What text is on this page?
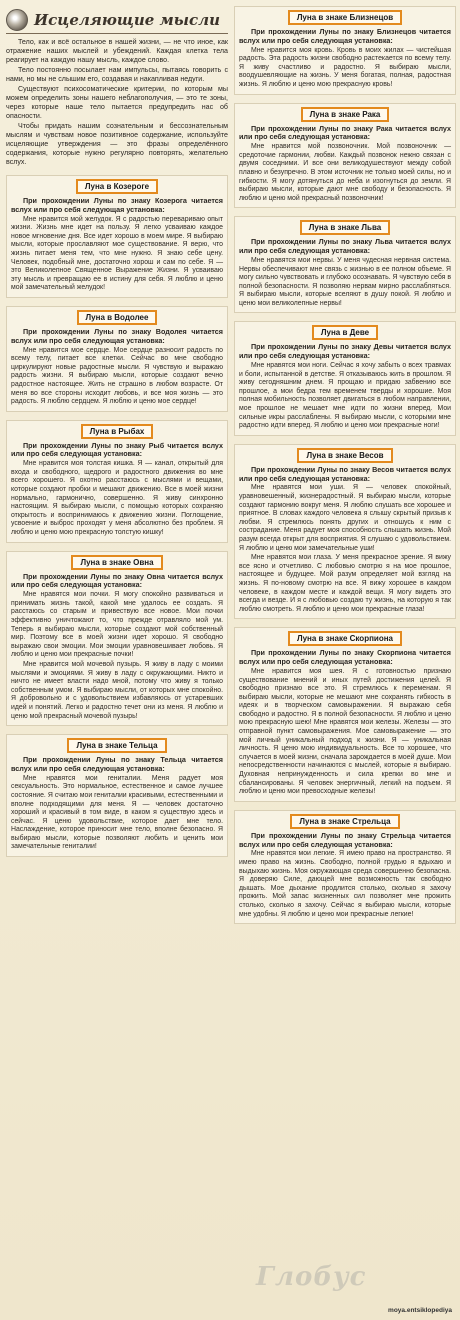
Исцеляющие мысли

Тело, как и всё остальное в нашей жизни, — не что иное, как отражение наших мыслей и убеждений. Каждая клетка тела реагирует на каждую нашу мысль, каждое слово.

Тело постоянно посылает нам импульсы, пытаясь говорить с нами, но мы не слышим его, создавая и накапливая недуги.

Существуют психосоматические критерии, по которым мы можем определить зоны нашего неблагополучия, — это те зоны, через которые наше тело пытается предупредить нас об опасности.

Чтобы придать нашим сознательным и бессознательным мыслям и чувствам новое позитивное содержание, используйте исцеляющие утверждения — это фразы определённого содержания, которые нужно регулярно повторять, желательно вслух.

Луна в Козероге

При прохождении Луны по знаку Козерога читается вслух или про себя следующая установка:

Мне нравится мой желудок. Я с радостью перевариваю опыт жизни. Жизнь мне идет на пользу. Я легко усваиваю каждое новое мгновение дня. Все идет хорошо в моем мире. Я выбираю мысли, которые прославляют мое существование. Я верю, что жизнь питает меня тем, что мне нужно. Я знаю себе цену. Человек, подобный мне, достаточно хорош и сам по себе. Я — это Великолепное Священное Выражение Жизни. Я усваиваю эту мысль и превращаю ее в истину для себя. Я люблю и ценю мой замечательный желудок!

Луна в Водолее

При прохождении Луны по знаку Водолея читается вслух или про себя следующая установка:

Мне нравится мое сердце. Мое сердце разносит радость по всему телу, питает все клетки. Сейчас во мне свободно циркулируют новые радостные мысли. Я чувствую и выражаю радость жизни. Я выбираю мысли, которые создают вечно радостное настоящее. Жить не страшно в любом возрасте. От меня во все стороны исходит любовь, и все моя жизнь — это радость. Я люблю сердцем. Я люблю и ценю мое сердце!

Луна в Рыбах

При прохождении Луны по знаку Рыб читается вслух или про себя следующая установка:

Мне нравится моя толстая кишка. Я — канал, открытый для входа и свободного, щедрого и радостного движения во мне всего хорошего. Я охотно расстаюсь с мыслями и вещами, которые создают пробки и мешают движению. Все в моей жизни нормально, гармонично, совершенно. Я живу синхронно настоящим. Я выбираю мысли, с помощью которых сохраняю открытость и воспринимаюсь к движению жизни. Поглощение, усвоение и выброс проходят у меня абсолютно без проблем. Я люблю и ценю мою прекрасную толстую кишку!

Луна в знаке Овна

При прохождении Луны по знаку Овна читается вслух или про себя следующая установка:

Мне нравятся мои почки. Я могу спокойно развиваться и принимать жизнь такой, какой мне удалось ее создать. Я расстаюсь со старым и привествую все новое. Мои почки эффективно уничтожают то, что прежде отравляло мой ум. Теперь я выбираю мысли, которые создают мой собственный мир. Поэтому все в моей жизни идет хорошо. Я свободно выражаю свои эмоции. Мои эмоции уравновешивает любовь. Я люблю и ценю мои прекрасные почки!

Мне нравится мой мочевой пузырь. Я живу в ладу с моими мыслями и эмоциями. Я живу в ладу с окружающими. Никто и ничто не имеет власти надо мной, потому что живу я только собственным умом. Я выбираю мысли, от которых мне спокойно. Я добровольно и с удовольствием избавляюсь от устаревших идей и понятий. Легко и радостно течет они из меня. Я люблю и ценю мой прекрасный мочевой пузырь!

Луна в знаке Тельца

При прохождении Луны по знаку Тельца читается вслух или про себя следующая установка:

Мне нравятся мои гениталии. Меня радует моя сексуальность. Это нормальное, естественное и самое лучшее состояние. Я считаю мои гениталии красивыми, естественными и вполне подходящими для меня. Я — человек достаточно хороший и красивый в том виде, в каком я существую здесь и сейчас. Я ценю удовольствие, которое дает мне тело. Наслаждение, которое приносит мне тело, вполне безопасно. Я выбираю мысли, которые позволяют любить и ценить мои замечательные гениталии!

Луна в знаке Близнецов

При прохождении Луны по знаку Близнецов читается вслух или про себя следующая установка:

Мне нравится моя кровь. Кровь в моих жилах — чистейшая радость. Эта радость жизни свободно растекается по всему телу. Я живу счастливо и радостно. Я выбираю мысли, воодушевляющие на жизнь. У меня богатая, полная, радостная жизнь. Я люблю и ценю мою прекрасную кровь!

Луна в знаке Рака

При прохождении Луны по знаку Рака читается вслух или про себя следующая установка:

Мне нравится мой позвоночник. Мой позвоночник — средоточие гармонии, любви. Каждый позвонок нежно связан с двумя соседними. И все они великодушествуют между собой плавно и безупречно. В этом источник не только моей силы, но и гибкости. Я могу дотянуться до неба и изогнуться до земли. Я выбираю мысли, которые дают мне свободу и безопасность. Я люблю и ценю мой прекрасный позвоночник!

Луна в знаке Льва

При прохождении Луны по знаку Льва читается вслух или про себя следующая установка:

Мне нравятся мои нервы. У меня чудесная нервная система. Нервы обеспечивают мне связь с жизнью в ее полном объеме. Я могу сильно чувствовать и глубоко осознавать. Я чувствую себя в полной безопасности. Я позволяю нервам мирно расслабляться. Я выбираю мысли, которые вселяют в душу покой. Я люблю и ценю мои великолепные нервы!

Луна в Деве

При прохождении Луны по знаку Девы читается вслух или про себя следующая установка:

Мне нравятся мои ноги. Сейчас я хочу забыть о всех травмах и боли, испытанной в детстве. Я отказываюсь жить в прошлом. Я живу сегодняшним днем. Я прощаю и придаю забвению все прошлое, а мои бедра тем временем тверды и хорошие. Моя полная мобильность позволяет двигаться в любом направлении, мое прошлое не мешает мне идти по жизни вперед. Мои сильные икры расслаблены. Я выбираю мысли, с которыми мне радостно идти вперед. Я люблю и ценю мои прекрасные ноги!

Луна в знаке Весов

При прохождении Луны по знаку Весов читается вслух или про себя следующая установка:

Мне нравятся мои уши. Я — человек спокойный, уравновешенный, жизнерадостный. Я выбираю мысли, которые создают гармонию вокруг меня. Я люблю слушать все хорошее и приятное. В словах каждого человека я слышу скрытый призыв к любви. Я стремлюсь понять других и отношусь к ним с сострадание. Меня радует моя способность слышать жизнь. Мой разум всегда открыт для восприятия. Я слушаю с удовольствием. Я люблю и ценю мои замечательные уши!

Мне нравятся мои глаза. У меня прекрасное зрение. Я вижу все ясно и отчетливо. С любовью смотрю я на мое прошлое, настоящее и будущее. Мой разум определяет мой взгляд на жизнь. Я по-новому смотрю на все. Я вижу хорошее в каждом человеке, в каждом месте и каждой вещи. Я могу видеть это всегда и везде. И я с любовью создаю ту жизнь, на которую я так люблю смотреть. Я люблю и ценю мои прекрасные глаза!

Луна в знаке Скорпиона

При прохождении Луны по знаку Скорпиона читается вслух или про себя следующая установка:

Мне нравится моя шея. Я с готовностью признаю существование мнений и иных путей достижения целей. Я свободно признаю все это. Я стремлюсь к переменам. Я выбираю мысли, которые не мешают мне сохранять гибкость в идеях и в творческом самовыражении. Я выражаю себя свободно и радостно. Я в полной безопасности. Я люблю и ценю мою прекрасную шею! Мне нравятся мои железы. Железы — это отправной пункт самовыражения. Мое самовыражение — это мой личный уникальный подход к жизни. Я — уникальная личность. Я ценю мою индивидуальность. Все то хорошее, что случается в моей жизни, сначала зарождается в моей душе. Мои непосредственности начинаются с мыслей, которые я выбираю. Духовная непринужденность и сила крепки во мне и сбалансированы. Я человек энергичный, легкий на подъем. Я люблю и ценю мои превосходные железы!

Луна в знаке Стрельца

При прохождении Луны по знаку Стрельца читается вслух или про себя следующая установка:

Мне нравятся мои легкие. Я имею право на пространство. Я имею право на жизнь. Свободно, полной грудью я вдыхаю и выдыхаю жизнь. Моя окружающая среда совершенно безопасна. Я доверяю Силе, дающей мне возможность так свободно дышать. Мое дыхание продлится столько, сколько я захочу прожить. Мой запас жизненных сил позволяет мне прожить столько, сколько я захочу. Сейчас я выбираю мысли, которые мне удобны. Я люблю и ценю мои прекрасные легкие!

Глобус
moya.entsiklopediya
